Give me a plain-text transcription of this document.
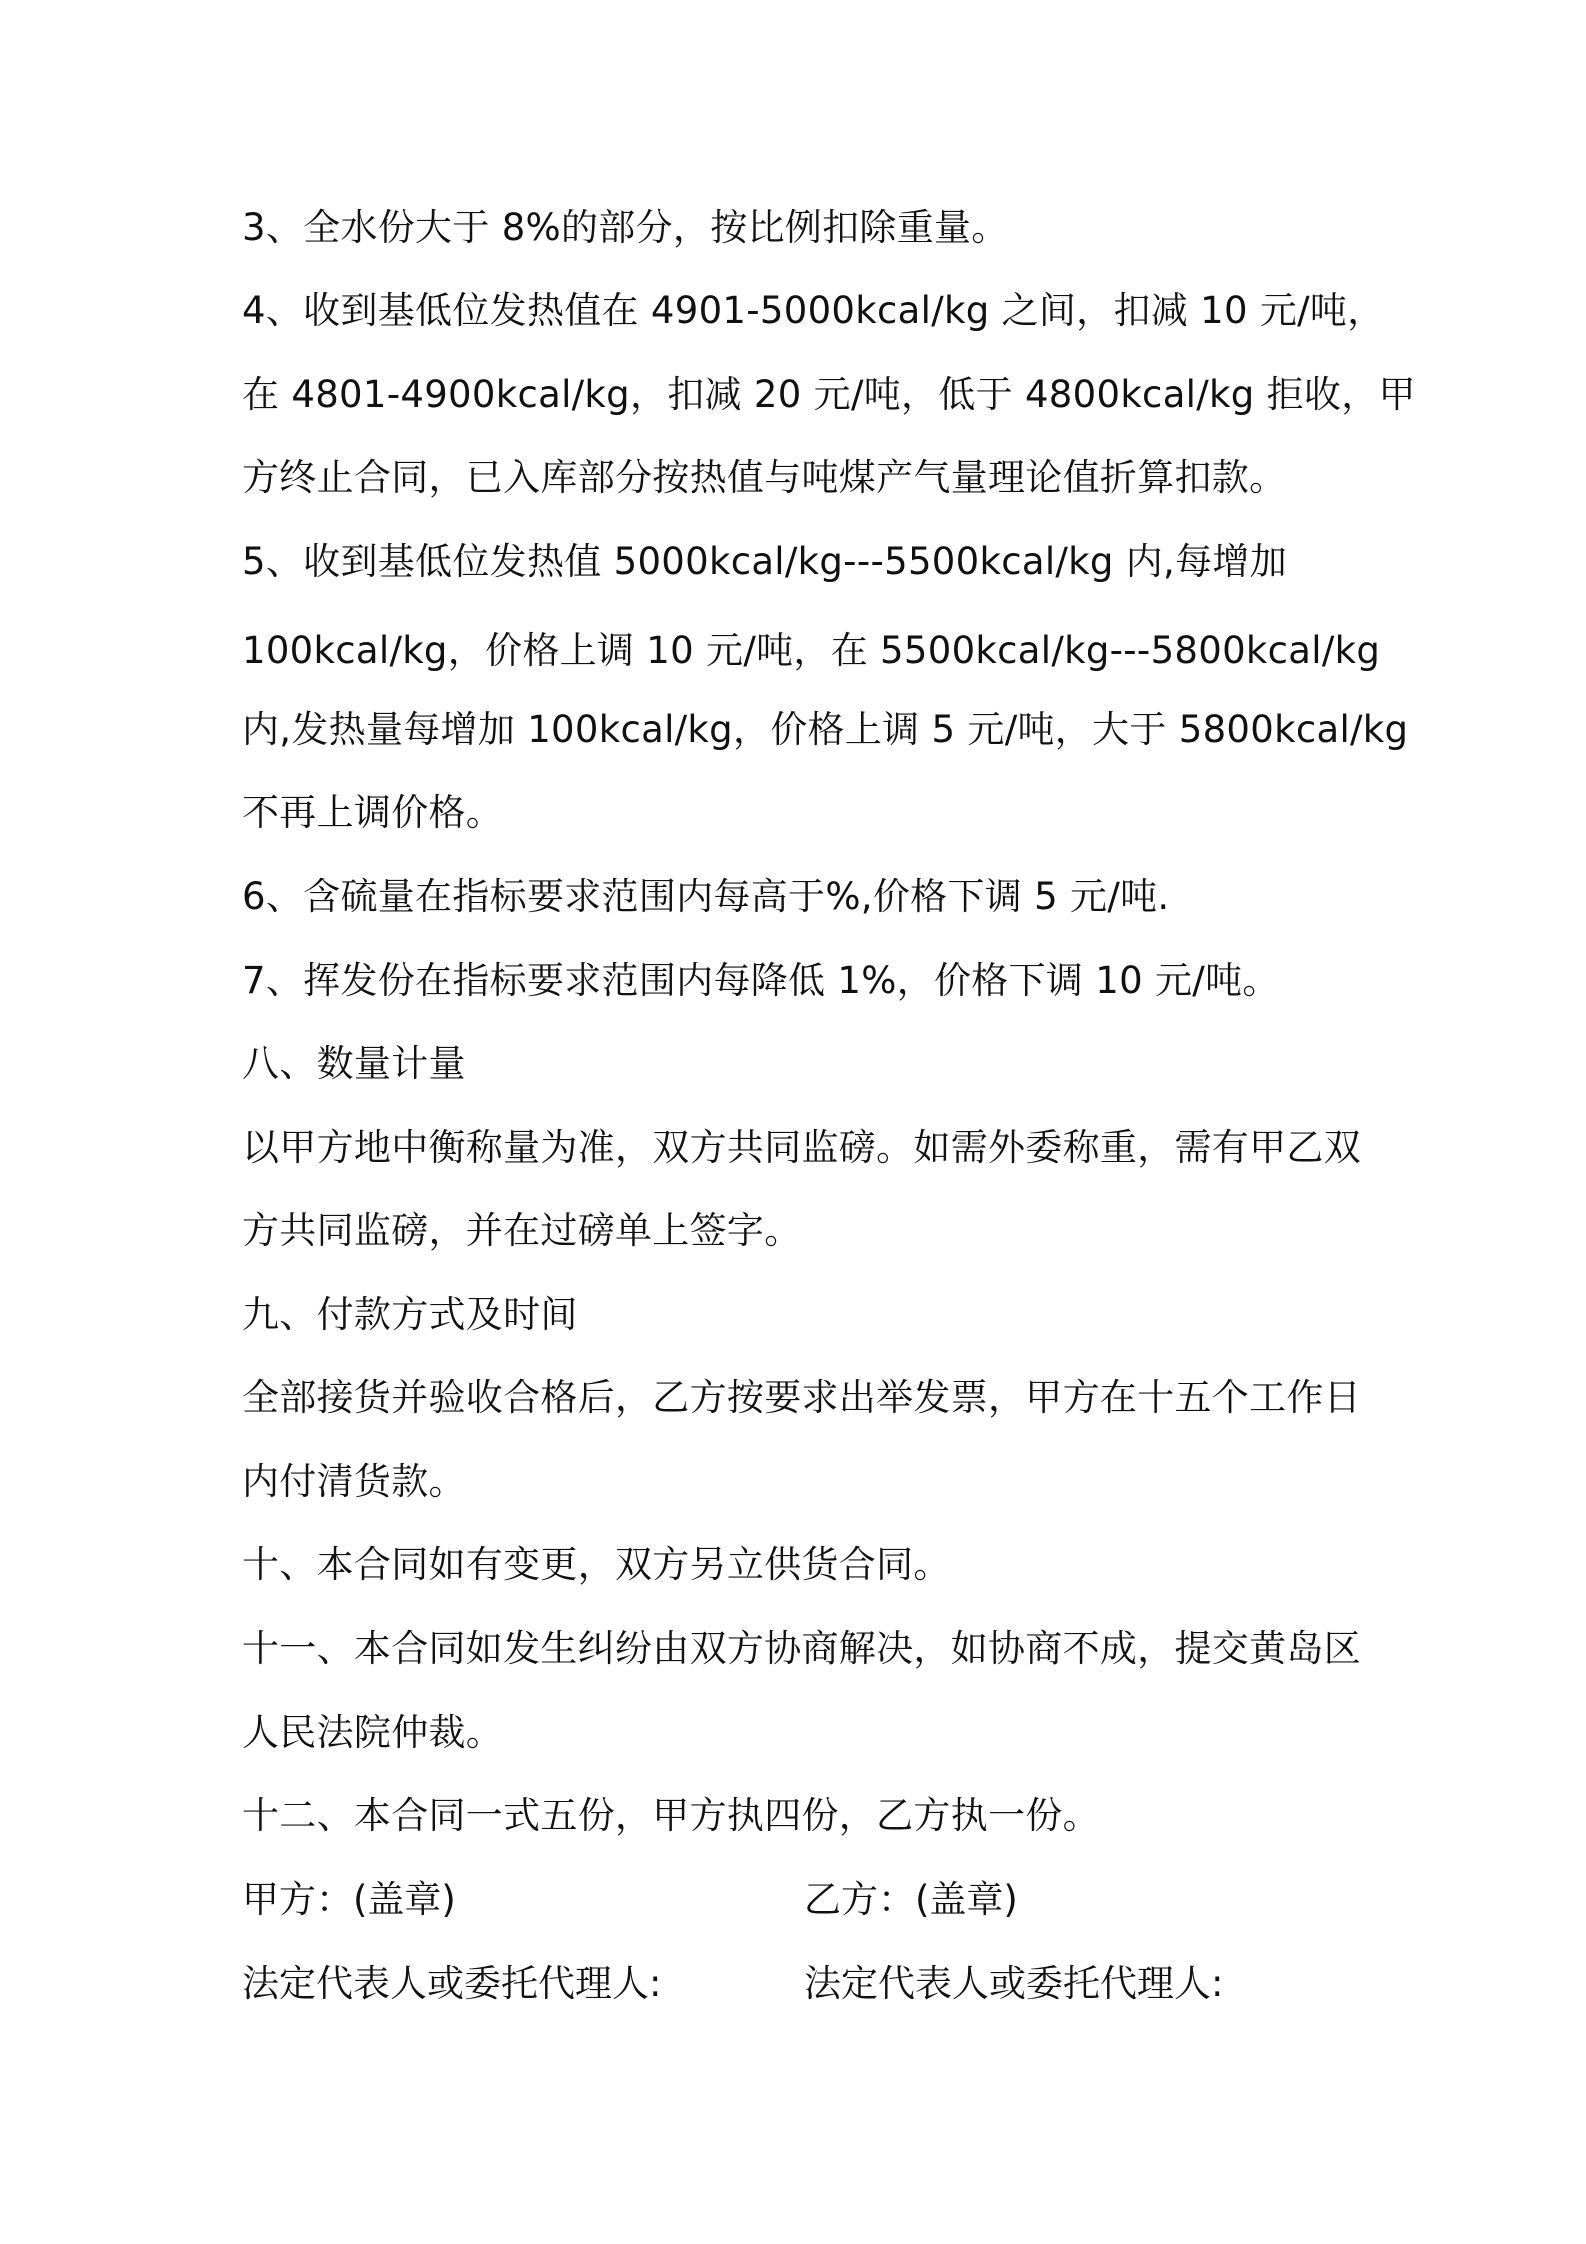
3、全水份大于 8%的部分，按比例扣除重量。

4、收到基低位发热值在 4901-5000kcal/kg 之间，扣减 10 元/吨，

在 4801-4900kcal/kg，扣减 20 元/吨，低于 4800kcal/kg 拒收，甲

方终止合同，已入库部分按热值与吨煤产气量理论值折算扣款。

5、收到基低位发热值 5000kcal/kg---5500kcal/kg 内,每增加

100kcal/kg，价格上调 10 元/吨，在 5500kcal/kg---5800kcal/kg

内,发热量每增加 100kcal/kg，价格上调 5 元/吨，大于 5800kcal/kg

不再上调价格。

6、含硫量在指标要求范围内每高于%,价格下调 5 元/吨.

7、挥发份在指标要求范围内每降低 1%，价格下调 10 元/吨。

八、数量计量

以甲方地中衡称量为准，双方共同监磅。如需外委称重，需有甲乙双

方共同监磅，并在过磅单上签字。

九、付款方式及时间

全部接货并验收合格后，乙方按要求出举发票，甲方在十五个工作日

内付清货款。

十、本合同如有变更，双方另立供货合同。

十一、本合同如发生纠纷由双方协商解决，如协商不成，提交黄岛区

人民法院仲裁。

十二、本合同一式五份，甲方执四份，乙方执一份。

甲方：(盖章)	乙方：(盖章)

法定代表人或委托代理人:	法定代表人或委托代理人:
